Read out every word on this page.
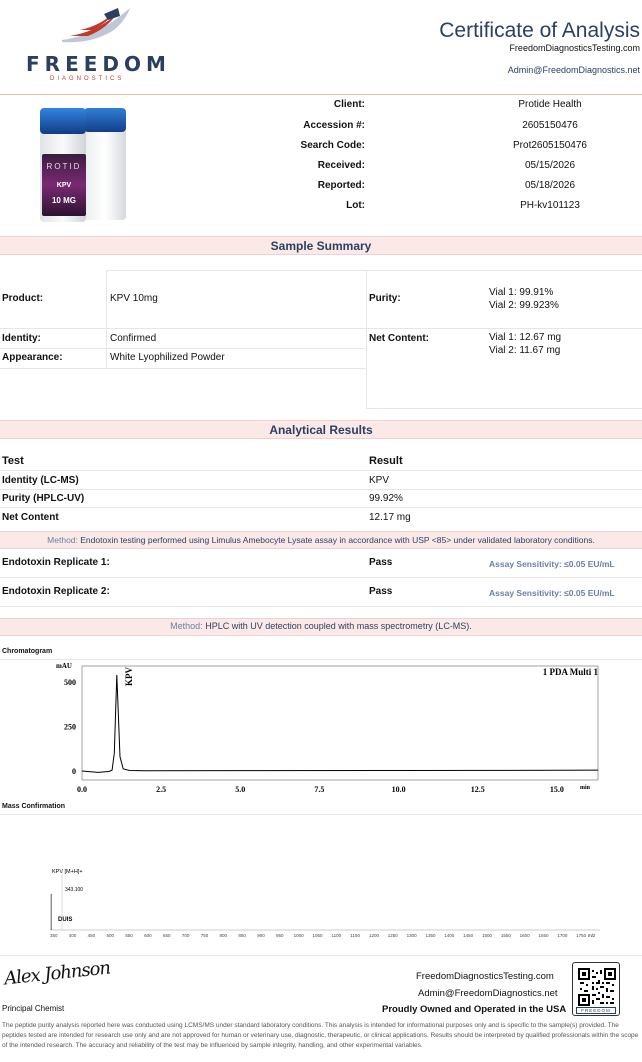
FREEDOM
DIAGNOSTICS
Certificate of Analysis
FreedomDiagnosticsTesting.com
Admin@FreedomDiagnostics.net
ROTID
KPV
10 MG
Client:	Protide Health
Accession #:	2605150476
Search Code:	Prot2605150476
Received:	05/15/2026
Reported:	05/18/2026
Lot:	PH-kv101123
Sample Summary
Product:	KPV 10mg	Purity:
Vial 1: 99.91%
Vial 2: 99.923%
Identity:	Confirmed	Net Content:	Vial 1: 12.67 mg
Vial 2: 11.67 mg
Appearance:	White Lyophilized Powder
Analytical Results
Test	Result
Identity (LC-MS)	KPV
Purity (HPLC-UV)	99.92%
Net Content	12.17 mg
Method: Endotoxin testing performed using Limulus Amebocyte Lysate assay in accordance with USP <85> under validated laboratory conditions.
Endotoxin Replicate 1:	Pass	Assay Sensitivity: ≤0.05 EU/mL
Endotoxin Replicate 2:	Pass	Assay Sensitivity: ≤0.05 EU/mL
Method: HPLC with UV detection coupled with mass spectrometry (LC-MS).
Chromatogram
mAU
1 PDA Multi 1
KPV
min
0.0	2.5	5.0	7.5	10.0	12.5	15.0
0
250
500
Mass Confirmation
KPV [M+H]+
343.100
DUIS
350	400	450	500	550	600	650	700	750	800	850	900	950 1000 1050 1100 1150 1200 1250 1300 1350 1400 1450 1500 1550 1600 1650 1700 1750 m/z
Alex Johnson
Principal Chemist
FreedomDiagnosticsTesting.com
Admin@FreedomDiagnostics.net
Proudly Owned and Operated in the USA	FREEDOM
The peptide purity analysis reported here was conducted using LCMS/MS under standard laboratory conditions. This analysis is intended for informational purposes only and is specific to the sample(s) provided. The peptides tested are intended for research use only and are not approved for human or veterinary use, diagnostic, therapeutic, or clinical applications. Results should be interpreted by qualified professionals within the scope of the intended research. The accuracy and reliability of the test may be influenced by sample integrity, handling, and other experimental variables.
